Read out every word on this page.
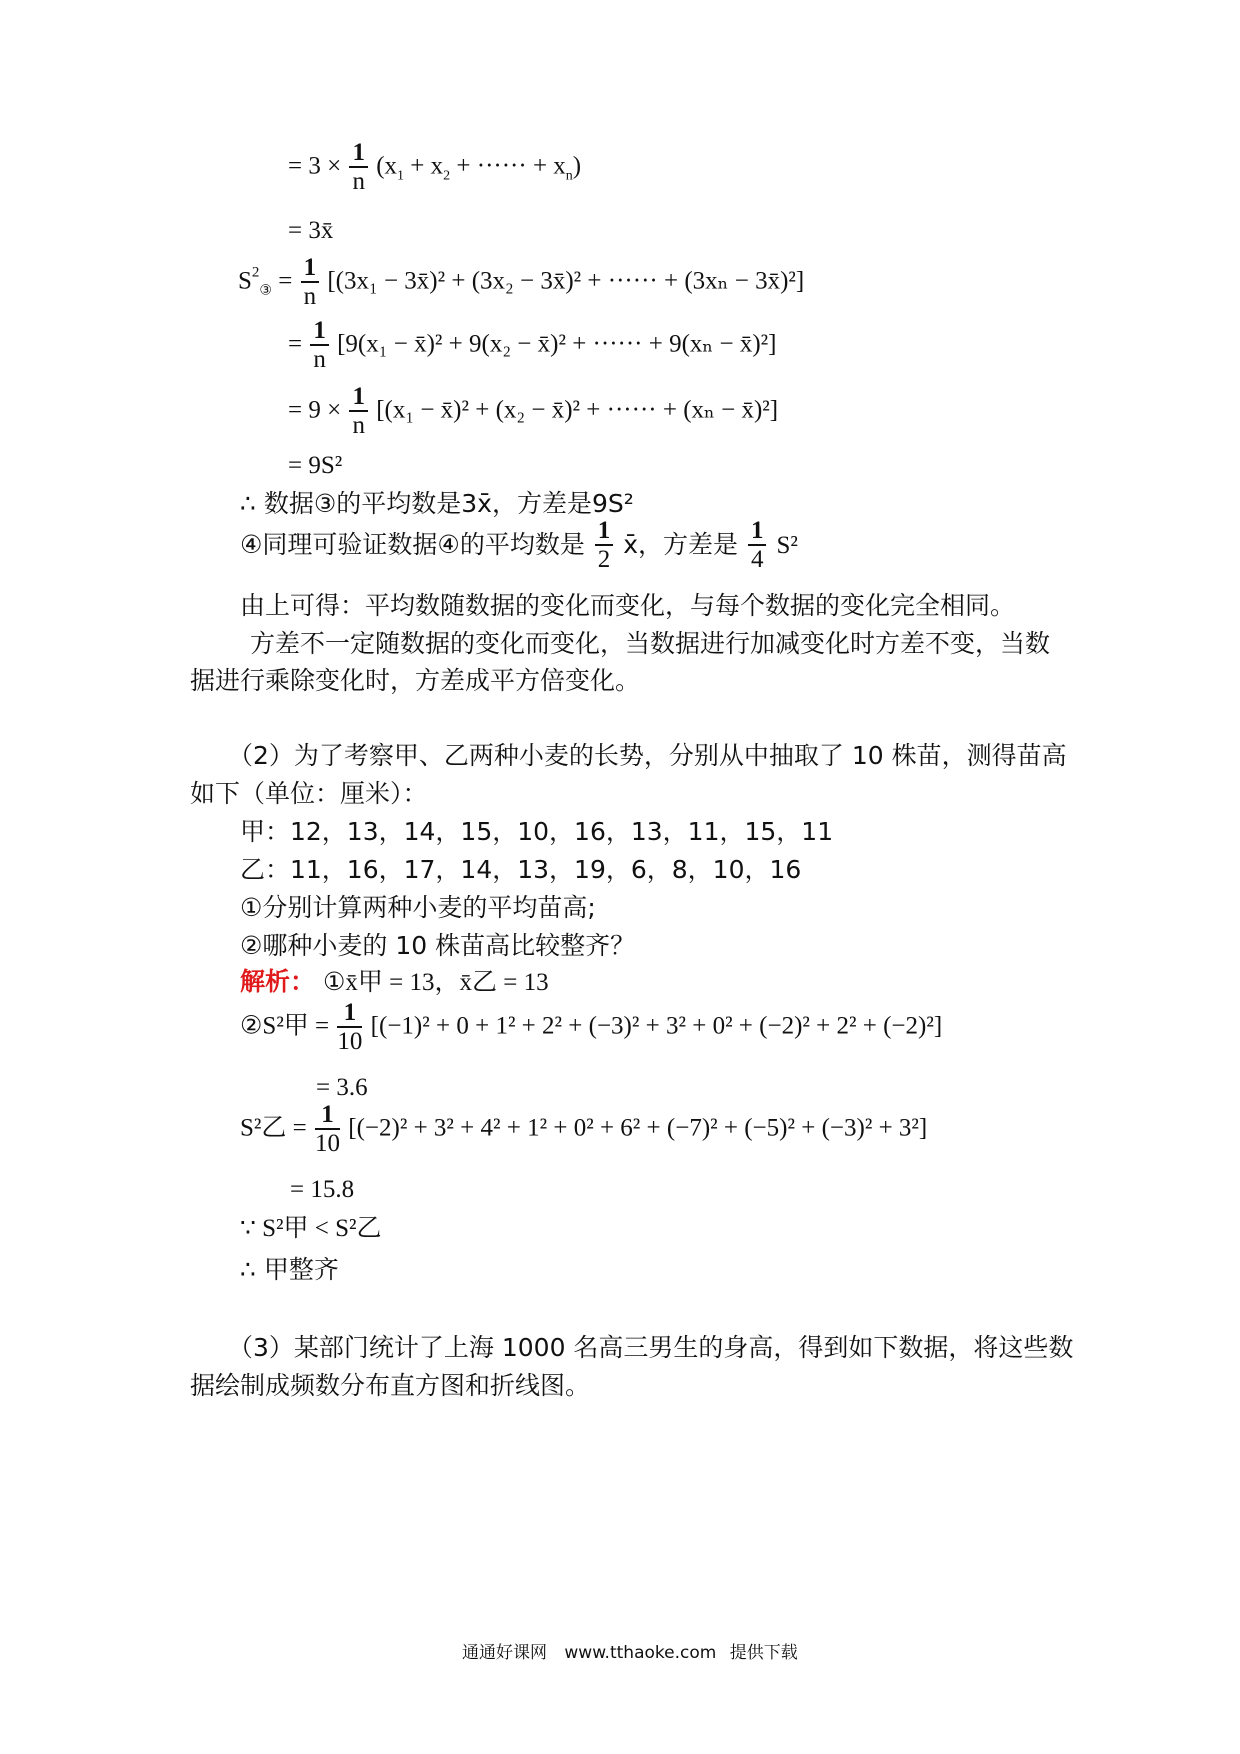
= $3 \times \frac{1}{n} (x_1 + x_2$ + ······ + $x_n$)
= 3x̄
$S^2_③ = \frac{1}{n} [(3x_1$ − 3x̄)² + (3x₂ − 3x̄)² + ······ + (3xₙ − 3x̄)²]
= $\frac{1}{n} [9(x_1$ − x̄)² + 9(x₂ − x̄)² + ······ + 9(xₙ − x̄)²]
= $9 \times \frac{1}{n} [(x_1$ − x̄)² + (x₂ − x̄)² + ······ + (xₙ − x̄)²]
= 9S²
∴ 数据③的平均数是3x̄，方差是9S²
④同理可验证数据④的平均数是 $\frac{1}{2}$ x̄，方差是 $\frac{1}{4} S^2$
由上可得：平均数随数据的变化而变化，与每个数据的变化完全相同。
方差不一定随数据的变化而变化，当数据进行加减变化时方差不变，当数
据进行乘除变化时，方差成平方倍变化。
（2）为了考察甲、乙两种小麦的长势，分别从中抽取了 10 株苗，测得苗高
如下（单位：厘米）：
甲：12，13，14，15，10，16，13，11，15，11
乙：11，16，17，14，13，19，6，8，10，16
①分别计算两种小麦的平均苗高;
②哪种小麦的 10 株苗高比较整齐？
解析： ①x̄甲 = 13，x̄乙 = 13
②S²甲 = $\frac{1}{10} [(-1)^2 + 0 + 1^2 + 2^2 + (-3)^2 + 3^2 + 0^2 + (-2)^2 + 2^2 + (-2)^2]$
= 3.6
S²乙 = $\frac{1}{10} [(-2)^2 + 3^2 + 4^2 + 1^2 + 0^2 + 6^2 + (-7)^2 + (-5)^2 + (-3)^2 + 3^2]$
= 15.8
∵ S²甲 < S²乙
∴ 甲整齐
（3）某部门统计了上海 1000 名高三男生的身高，得到如下数据，将这些数
据绘制成频数分布直方图和折线图。
通通好课网 www.tthaoke.com 提供下载
